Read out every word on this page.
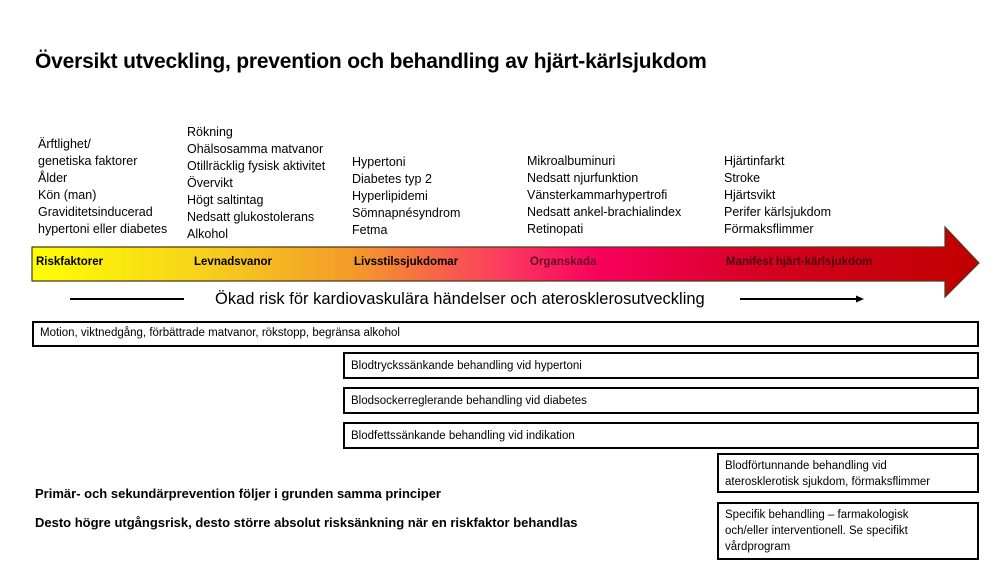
Översikt utveckling, prevention och behandling av hjärt-kärlsjukdom
Ärftlighet/
genetiska faktorer
Ålder
Kön (man)
Graviditetsinducerad
hypertoni eller diabetes
Rökning
Ohälsosamma matvanor
Otillräcklig fysisk aktivitet
Övervikt
Högt saltintag
Nedsatt glukostolerans
Alkohol
Hypertoni
Diabetes typ 2
Hyperlipidemi
Sömnapnésyndrom
Fetma
Mikroalbuminuri
Nedsatt njurfunktion
Vänsterkammarhypertrofi
Nedsatt ankel-brachialindex
Retinopati
Hjärtinfarkt
Stroke
Hjärtsvikt
Perifer kärlsjukdom
Förmaksflimmer
Riskfaktorer	Levnadsvanor	Livsstilssjukdomar	Organskada	Manifest hjärt-kärlsjukdom
Ökad risk för kardiovaskulära händelser och aterosklerosutveckling
Motion, viktnedgång, förbättrade matvanor, rökstopp, begränsa alkohol
Blodtryckssänkande behandling vid hypertoni
Blodsockerreglerande behandling vid diabetes
Blodfettssänkande behandling vid indikation
Blodförtunnande behandling vid
aterosklerotisk sjukdom, förmaksflimmer
Specifik behandling – farmakologisk
och/eller interventionell. Se specifikt
vårdprogram
Primär- och sekundärprevention följer i grunden samma principer
Desto högre utgångsrisk, desto större absolut risksänkning när en riskfaktor behandlas
